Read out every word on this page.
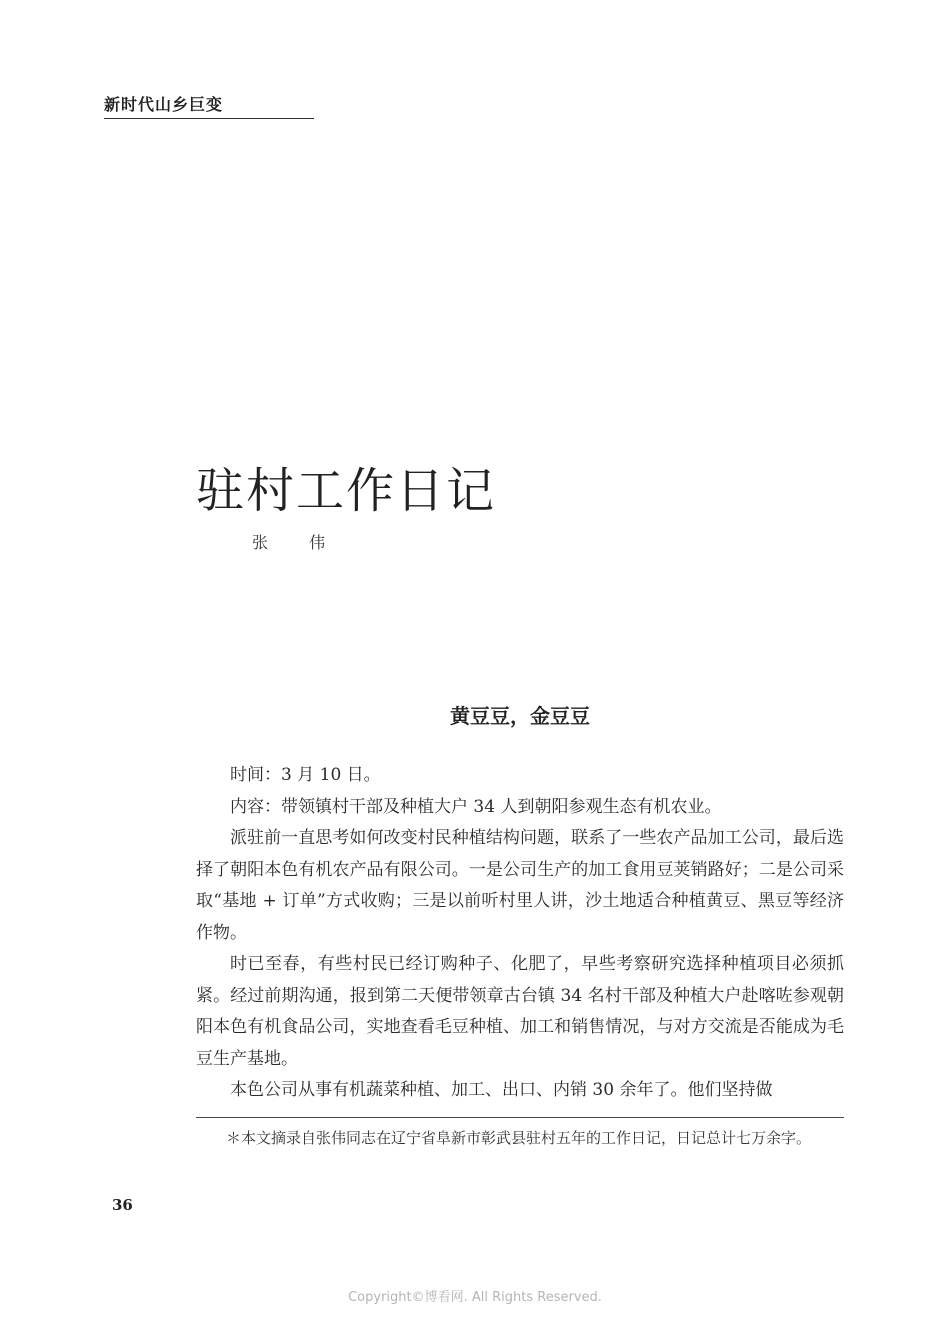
新时代山乡巨变
驻村工作日记
张 伟
黄豆豆，金豆豆

时间：3 月 10 日。

内容：带领镇村干部及种植大户 34 人到朝阳参观生态有机农业。

派驻前一直思考如何改变村民种植结构问题，联系了一些农产品加工公司，最后选择了朝阳本色有机农产品有限公司。一是公司生产的加工食用豆荚销路好；二是公司采取“基地 + 订单”方式收购；三是以前听村里人讲，沙土地适合种植黄豆、黑豆等经济作物。

时已至春，有些村民已经订购种子、化肥了，早些考察研究选择种植项目必须抓紧。经过前期沟通，报到第二天便带领章古台镇 34 名村干部及种植大户赴喀咗参观朝阳本色有机食品公司，实地查看毛豆种植、加工和销售情况，与对方交流是否能成为毛豆生产基地。

本色公司从事有机蔬菜种植、加工、出口、内销 30 余年了。他们坚持做

＊本文摘录自张伟同志在辽宁省阜新市彰武县驻村五年的工作日记，日记总计七万余字。
36
Copyright©博看网. All Rights Reserved.
